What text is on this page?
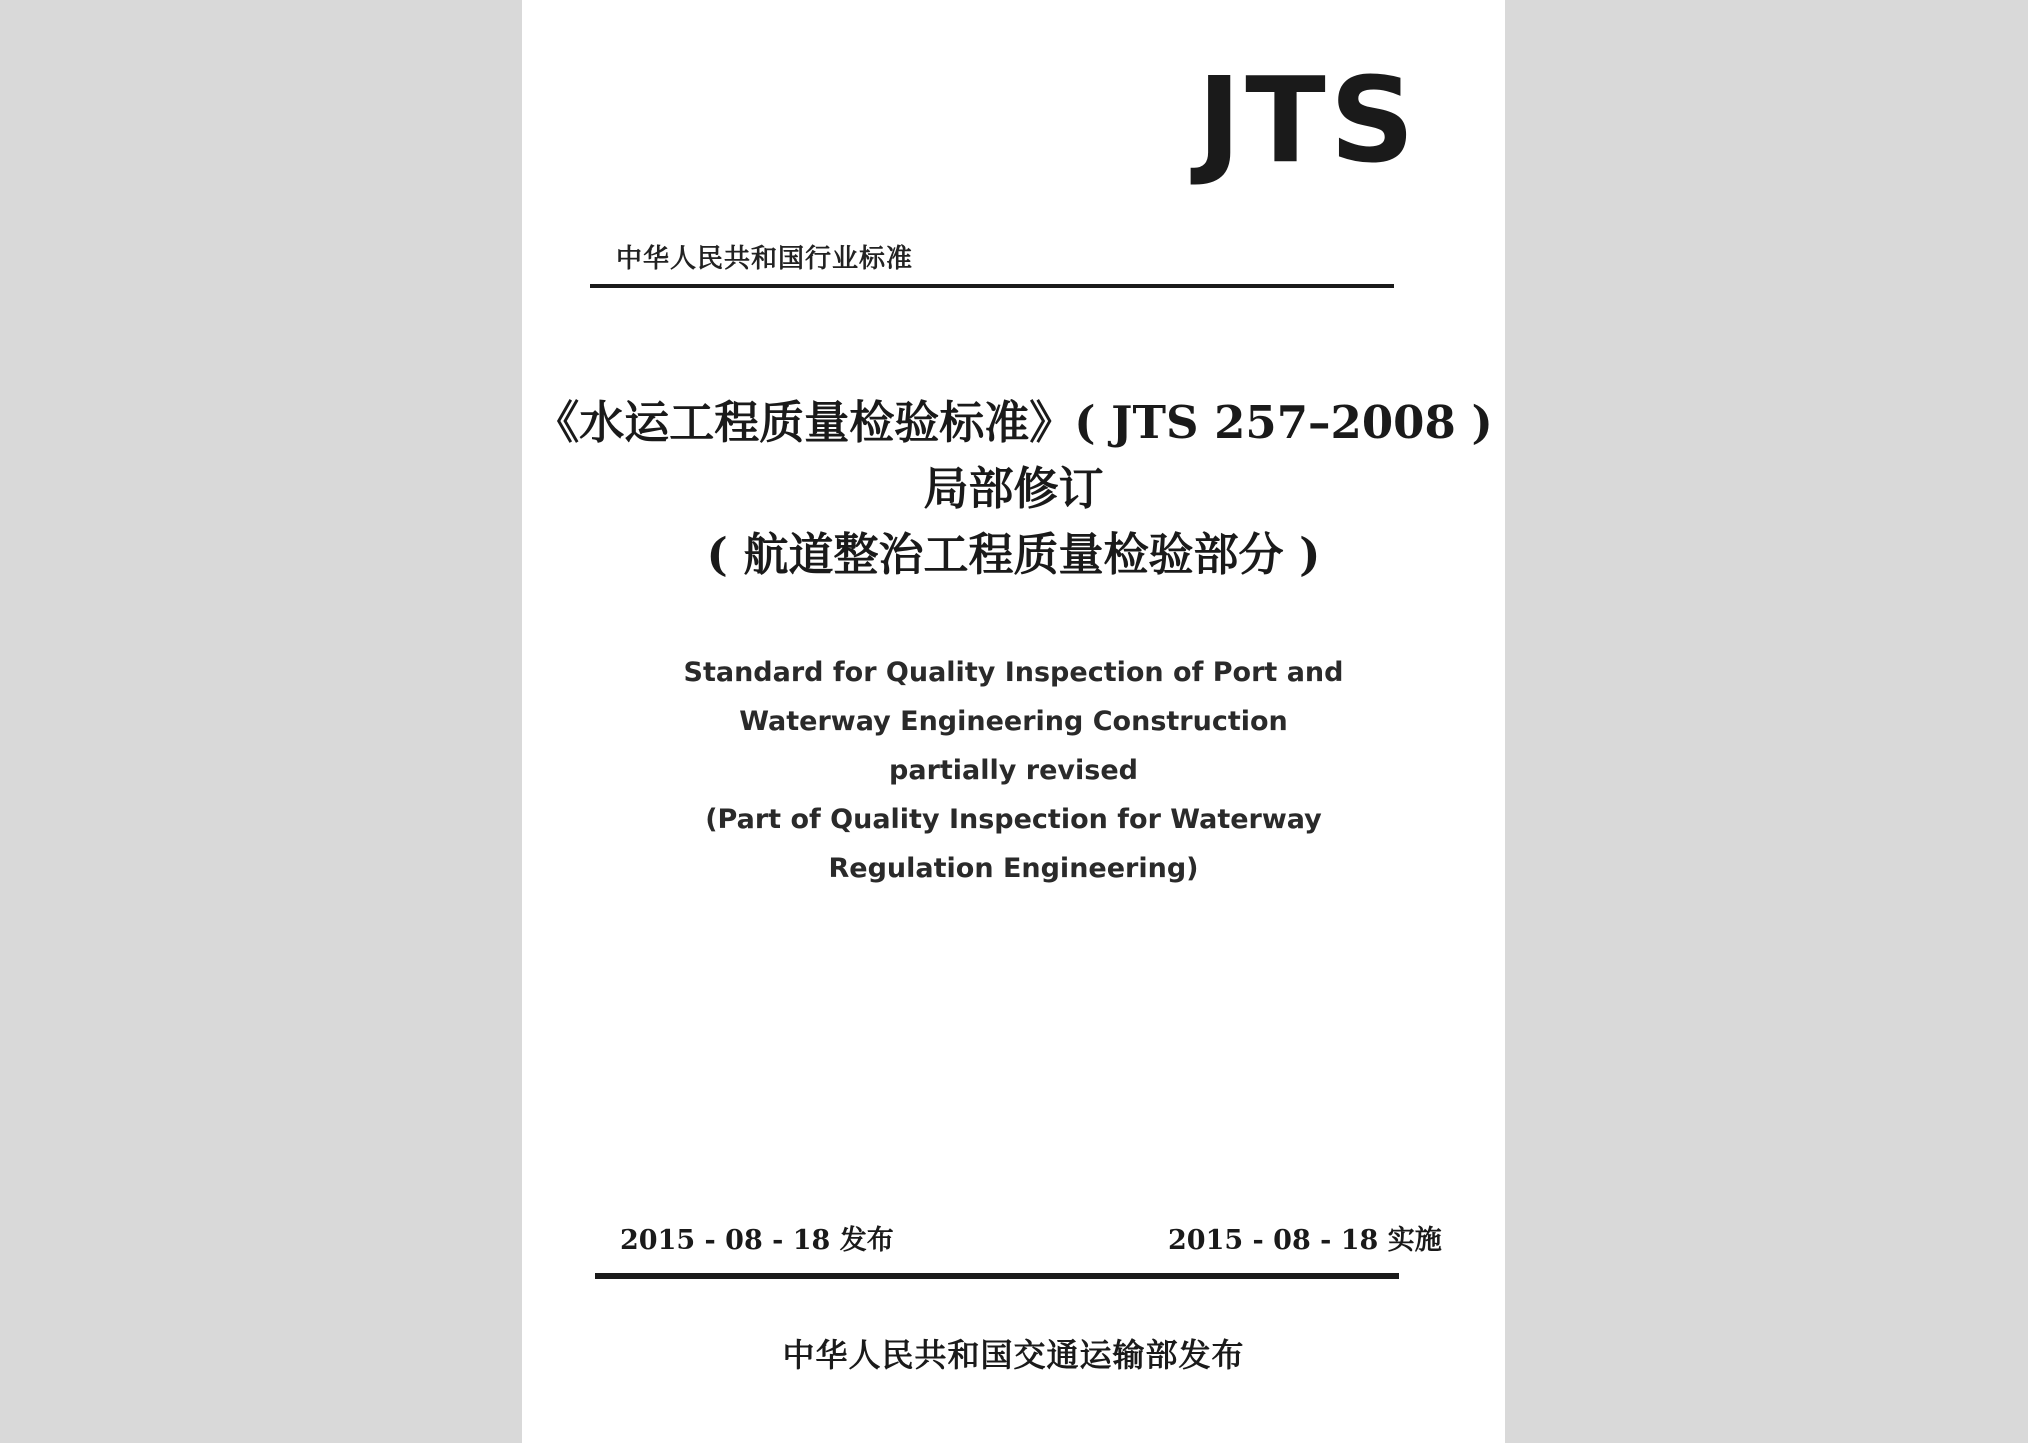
JTS
中华人民共和国行业标准
《水运工程质量检验标准》( JTS 257–2008 )
局部修订
( 航道整治工程质量检验部分 )
Standard for Quality Inspection of Port and
Waterway Engineering Construction
partially revised
(Part of Quality Inspection for Waterway
Regulation Engineering)
2015 - 08 - 18 发布	2015 - 08 - 18 实施
中华人民共和国交通运输部发布
